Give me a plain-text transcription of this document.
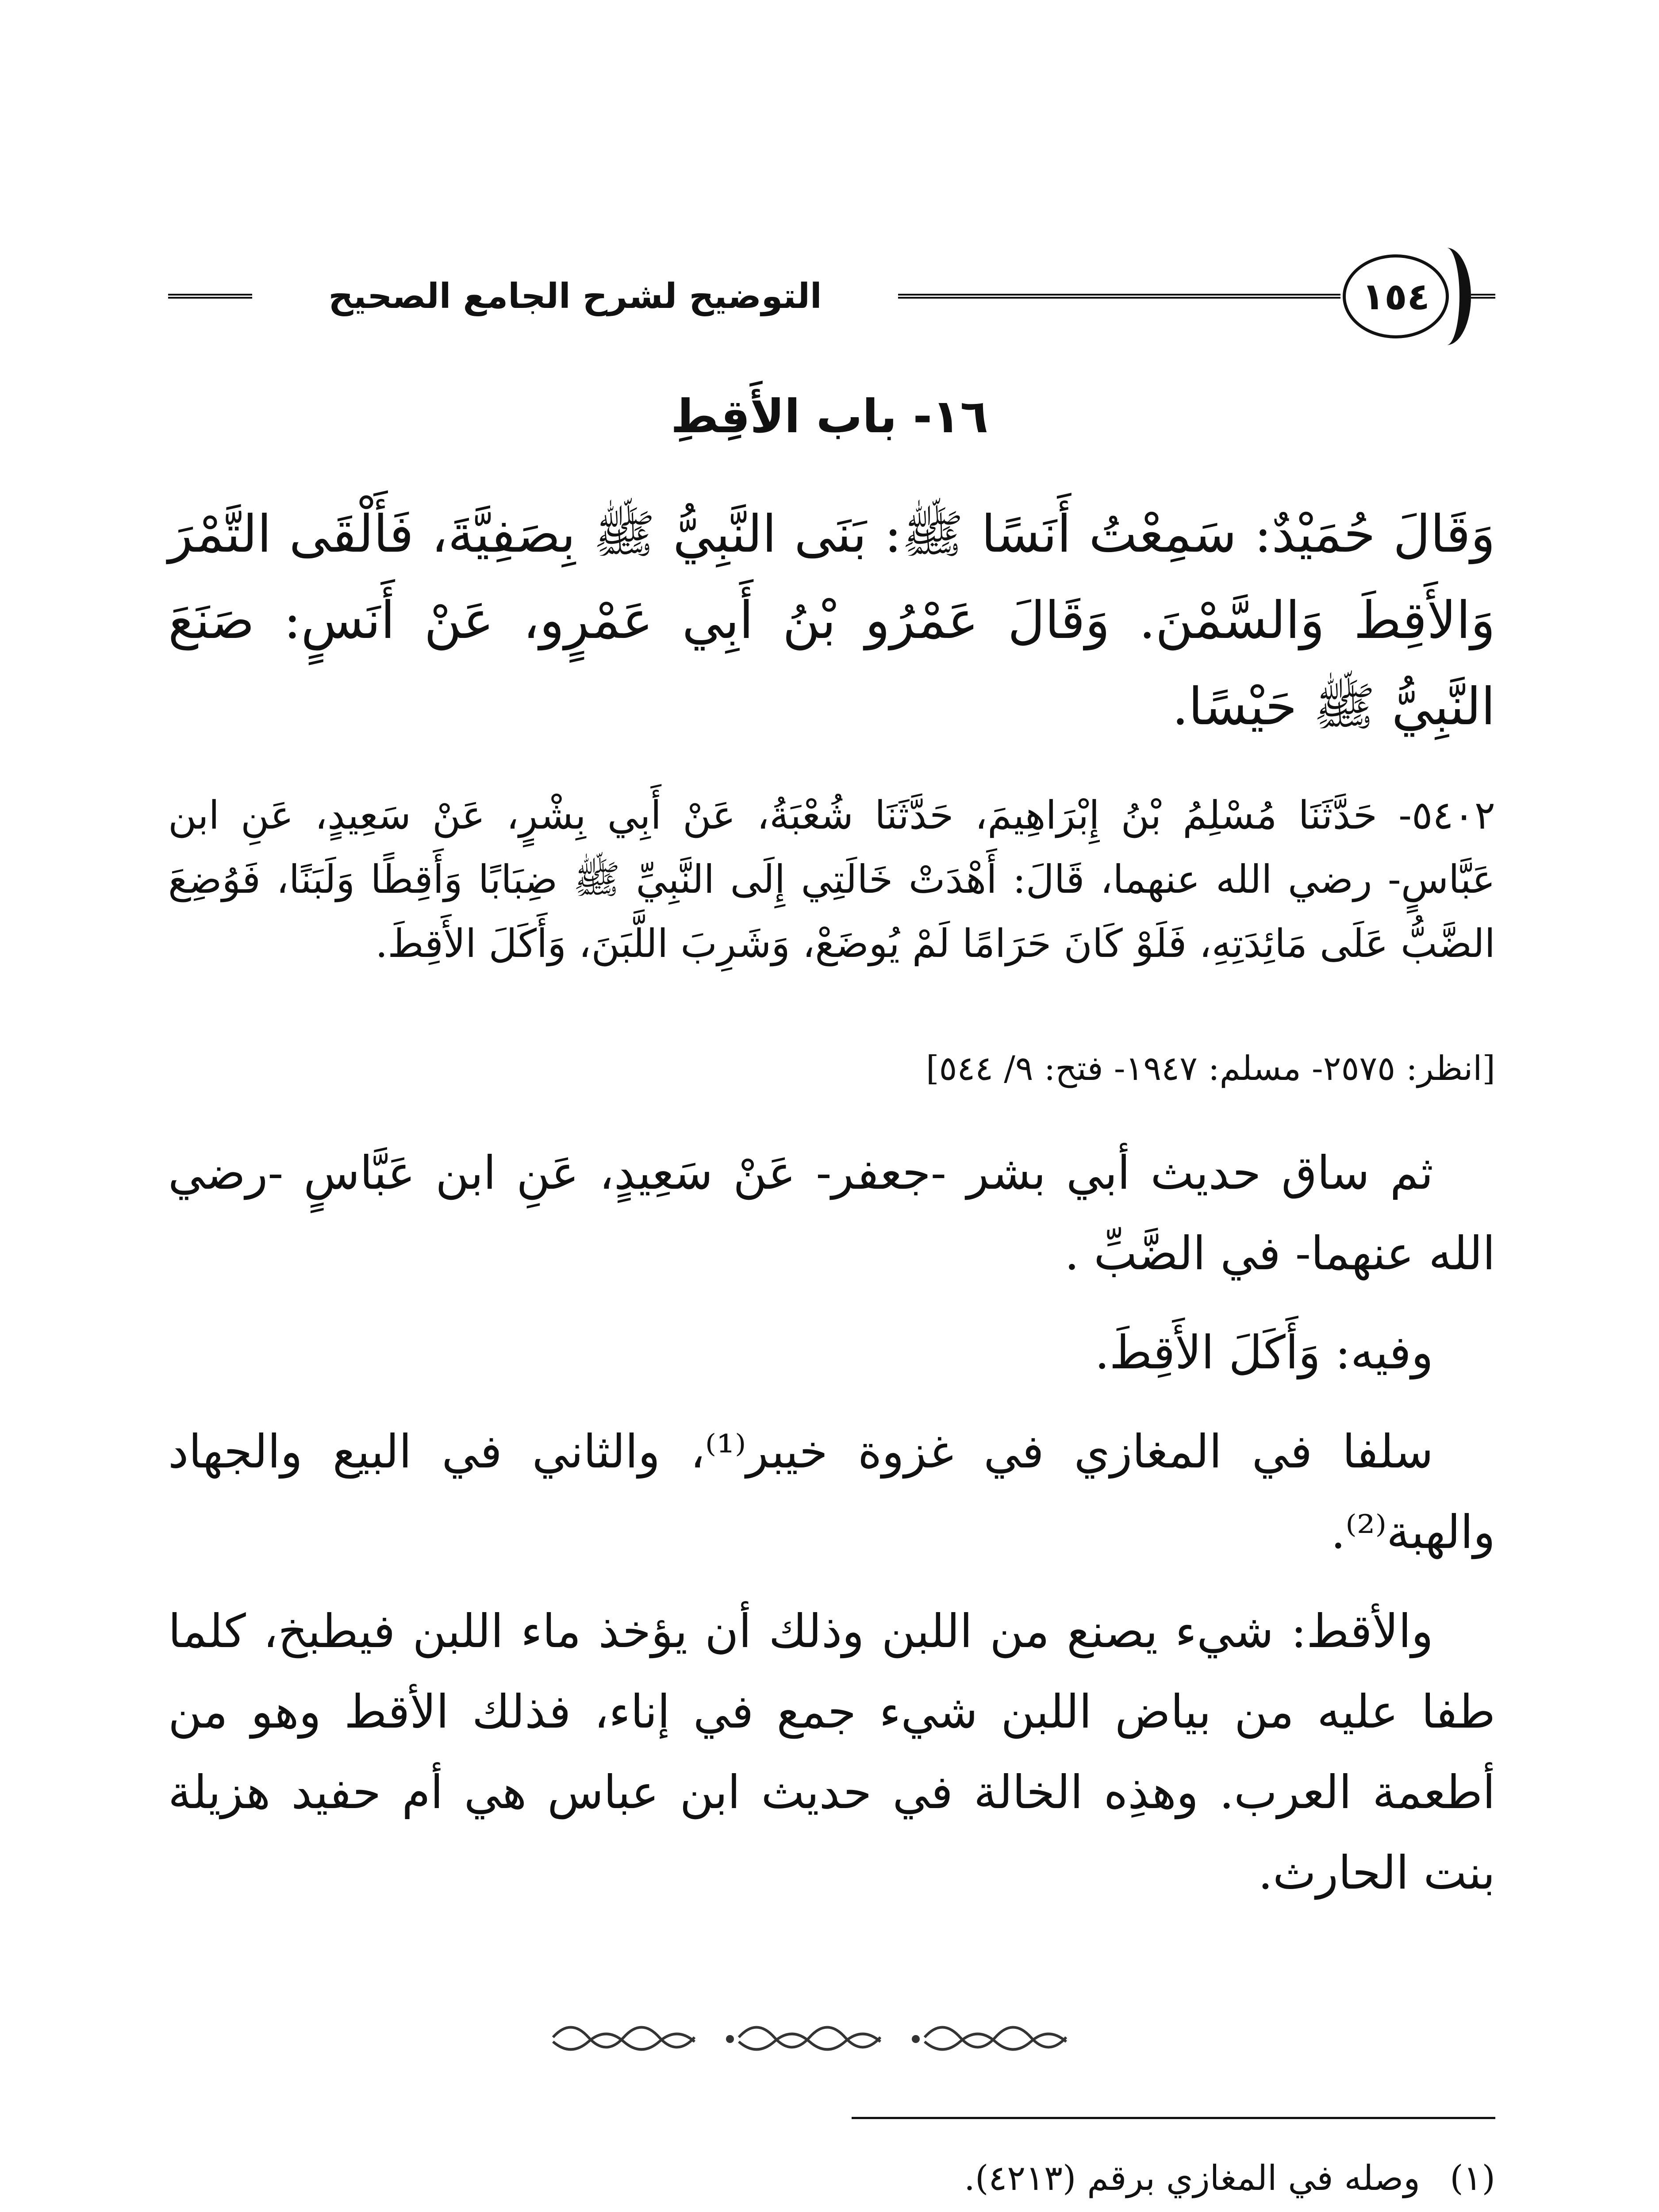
التوضيح لشرح الجامع الصحيح	١٥٤
١٦- باب الأَقِطِ
وَقَالَ حُمَيْدٌ: سَمِعْتُ أَنَسًا ﷺ: بَنَى النَّبِيُّ ﷺ بِصَفِيَّةَ، فَأَلْقَى التَّمْرَ وَالأَقِطَ وَالسَّمْنَ. وَقَالَ عَمْرُو بْنُ أَبِي عَمْرٍو، عَنْ أَنَسٍ: صَنَعَ النَّبِيُّ ﷺ حَيْسًا.
٥٤٠٢- حَدَّثَنَا مُسْلِمُ بْنُ إِبْرَاهِيمَ، حَدَّثَنَا شُعْبَةُ، عَنْ أَبِي بِشْرٍ، عَنْ سَعِيدٍ، عَنِ ابن عَبَّاسٍ- رضي الله عنهما، قَالَ: أَهْدَتْ خَالَتِي إِلَى النَّبِيِّ ﷺ ضِبَابًا وَأَقِطًا وَلَبَنًا، فَوُضِعَ الضَّبُّ عَلَى مَائِدَتِهِ، فَلَوْ كَانَ حَرَامًا لَمْ يُوضَعْ، وَشَرِبَ اللَّبَنَ، وَأَكَلَ الأَقِطَ.
[انظر: ٢٥٧٥- مسلم: ١٩٤٧- فتح: ٩/ ٥٤٤]

ثم ساق حديث أبي بشر -جعفر- عَنْ سَعِيدٍ، عَنِ ابن عَبَّاسٍ -رضي الله عنهما- في الضَّبِّ .

وفيه: وَأَكَلَ الأَقِطَ.

سلفا في المغازي في غزوة خيبر⁽¹⁾، والثاني في البيع والجهاد والهبة⁽²⁾.

والأقط: شيء يصنع من اللبن وذلك أن يؤخذ ماء اللبن فيطبخ، كلما طفا عليه من بياض اللبن شيء جمع في إناء، فذلك الأقط وهو من أطعمة العرب. وهذِه الخالة في حديث ابن عباس هي أم حفيد هزيلة بنت الحارث.

(١)
وصله في المغازي برقم (٤٢١٣).
